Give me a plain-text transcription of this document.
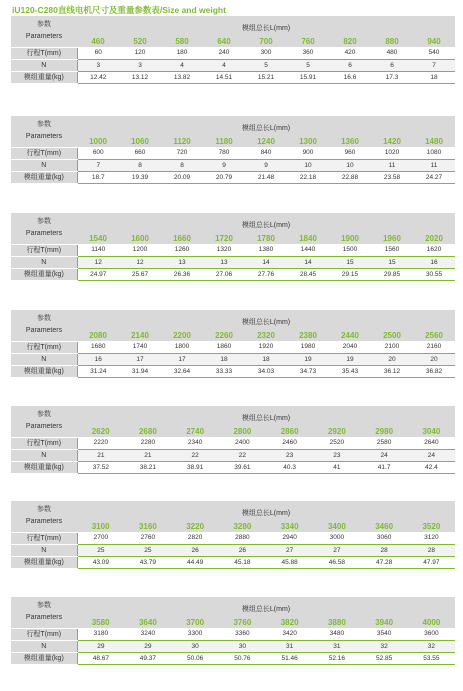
iU120-C280直线电机尺寸及重量参数表/Size and weight
参数
Parameters	模组总长L(mm)								
	460	520	580	640	700	760	820	880	940
行程T(mm)	60	120	180	240	300	360	420	480	540
N	3	3	4	4	5	5	6	6	7
模组重量(kg)	12.42	13.12	13.82	14.51	15.21	15.91	16.6	17.3	18
参数
Parameters	模组总长L(mm)								
	1000	1060	1120	1180	1240	1300	1360	1420	1480
行程T(mm)	600	660	720	780	840	900	960	1020	1080
N	7	8	8	9	9	10	10	11	11
模组重量(kg)	18.7	19.39	20.09	20.79	21.48	22.18	22.88	23.58	24.27
参数
Parameters	模组总长L(mm)								
	1540	1600	1660	1720	1780	1840	1900	1960	2020
行程T(mm)	1140	1200	1260	1320	1380	1440	1500	1560	1620
N	12	12	13	13	14	14	15	15	16
模组重量(kg)	24.97	25.67	26.36	27.06	27.76	28.45	29.15	29.85	30.55
参数
Parameters	模组总长L(mm)								
	2080	2140	2200	2260	2320	2380	2440	2500	2560
行程T(mm)	1680	1740	1800	1860	1920	1980	2040	2100	2160
N	16	17	17	18	18	19	19	20	20
模组重量(kg)	31.24	31.94	32.64	33.33	34.03	34.73	35.43	36.12	36.82
参数
Parameters	模组总长L(mm)							
	2620	2680	2740	2800	2860	2920	2980	3040
行程T(mm)	2220	2280	2340	2400	2460	2520	2580	2640
N	21	21	22	22	23	23	24	24
模组重量(kg)	37.52	38.21	38.91	39.61	40.3	41	41.7	42.4
参数
Parameters	模组总长L(mm)							
	3100	3160	3220	3280	3340	3400	3460	3520
行程T(mm)	2700	2760	2820	2880	2940	3000	3060	3120
N	25	25	26	26	27	27	28	28
模组重量(kg)	43.09	43.79	44.49	45.18	45.88	46.58	47.28	47.97
参数
Parameters	模组总长L(mm)							
	3580	3640	3700	3760	3820	3880	3940	4000
行程T(mm)	3180	3240	3300	3360	3420	3480	3540	3600
N	29	29	30	30	31	31	32	32
模组重量(kg)	48.67	49.37	50.06	50.76	51.46	52.16	52.85	53.55
